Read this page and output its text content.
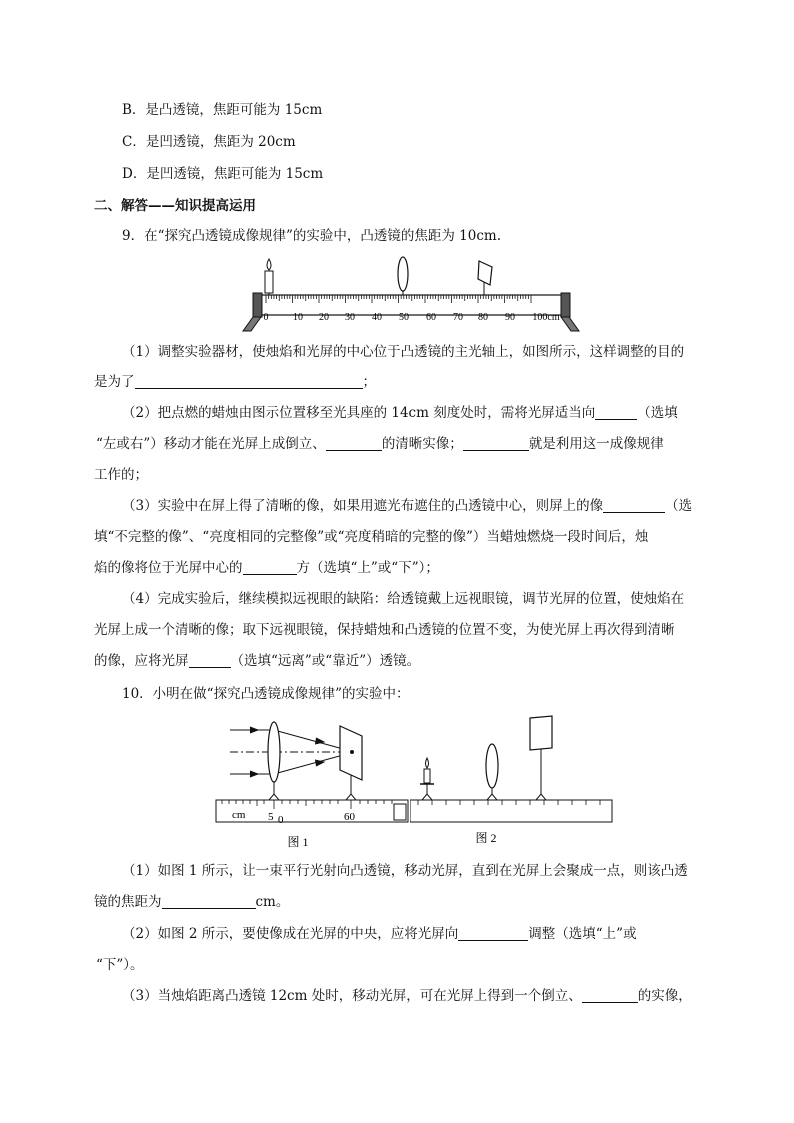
B．是凸透镜，焦距可能为 15cm
C．是凹透镜，焦距为 20cm
D．是凹透镜，焦距可能为 15cm
二、解答——知识提高运用
9．在“探究凸透镜成像规律”的实验中，凸透镜的焦距为 10cm.
0 10 20 30 40 50 60 70 80 90 100cm
（1）调整实验器材，使烛焰和光屏的中心位于凸透镜的主光轴上，如图所示，这样调整的目的
是为了	；
（2）把点燃的蜡烛由图示位置移至光具座的 14cm 刻度处时，需将光屏适当向	（选填
“左或右”）移动才能在光屏上成倒立、	的清晰实像；	就是利用这一成像规律
工作的；
（3）实验中在屏上得了清晰的像，如果用遮光布遮住的凸透镜中心，则屏上的像	（选
填“不完整的像”、“亮度相同的完整像”或“亮度稍暗的完整的像”）当蜡烛燃烧一段时间后，烛
焰的像将位于光屏中心的	方（选填“上”或“下”）；
（4）完成实验后，继续模拟远视眼的缺陷：给透镜戴上远视眼镜，调节光屏的位置，使烛焰在
光屏上成一个清晰的像；取下远视眼镜，保持蜡烛和凸透镜的位置不变，为使光屏上再次得到清晰
的像，应将光屏	（选填“远离”或“靠近”）透镜。
10．小明在做“探究凸透镜成像规律”的实验中：
cm 5 0	60
图 1	图 2
（1）如图 1 所示，让一束平行光射向凸透镜，移动光屏，直到在光屏上会聚成一点，则该凸透
镜的焦距为	cm。
（2）如图 2 所示，要使像成在光屏的中央，应将光屏向	调整（选填“上”或
“下”）。
（3）当烛焰距离凸透镜 12cm 处时，移动光屏，可在光屏上得到一个倒立、	的实像，
